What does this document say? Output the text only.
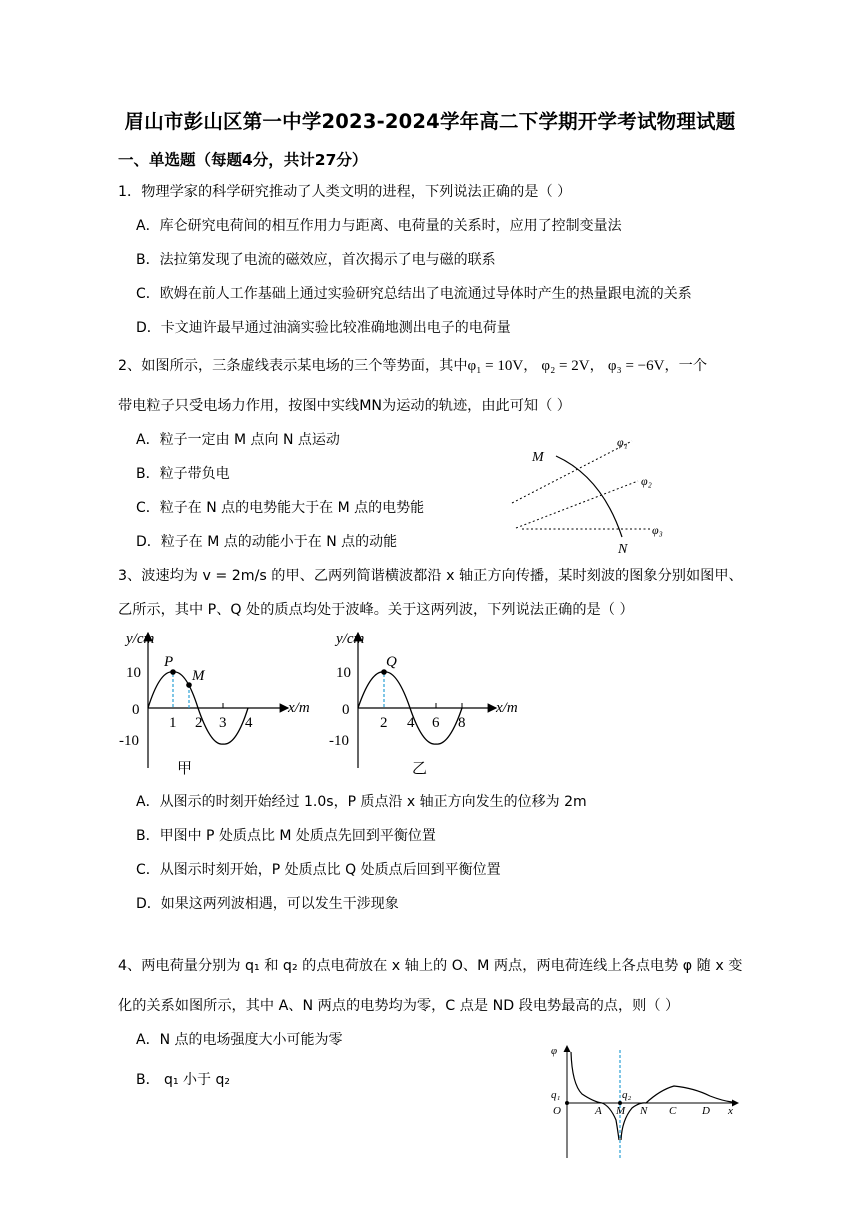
眉山市彭山区第一中学2023-2024学年高二下学期开学考试物理试题
一、单选题（每题4分，共计27分）
1．物理学家的科学研究推动了人类文明的进程，下列说法正确的是（ ）
A．库仑研究电荷间的相互作用力与距离、电荷量的关系时，应用了控制变量法
B．法拉第发现了电流的磁效应，首次揭示了电与磁的联系
C．欧姆在前人工作基础上通过实验研究总结出了电流通过导体时产生的热量跟电流的关系
D．卡文迪许最早通过油滴实验比较准确地测出电子的电荷量
2、如图所示，三条虚线表示某电场的三个等势面，其中φ₁ = 10V， φ₂ = 2V， φ₃ = −6V，一个
带电粒子只受电场力作用，按图中实线MN为运动的轨迹，由此可知（ ）
A．粒子一定由 M 点向 N 点运动
B．粒子带负电
C．粒子在 N 点的电势能大于在 M 点的电势能
D．粒子在 M 点的动能小于在 N 点的动能
M
N
φ₁
φ₂
φ₃
3、波速均为 v = 2m/s 的甲、乙两列简谐横波都沿 x 轴正方向传播，某时刻波的图象分别如图甲、
乙所示，其中 P、Q 处的质点均处于波峰。关于这两列波，下列说法正确的是（ ）
y/cm
x/m
10
0
-10
1 2 3 4
P
M
甲
y/cm
x/m
10
0
-10
2 4 6 8
Q
乙
A．从图示的时刻开始经过 1.0s，P 质点沿 x 轴正方向发生的位移为 2m
B．甲图中 P 处质点比 M 处质点先回到平衡位置
C．从图示时刻开始，P 处质点比 Q 处质点后回到平衡位置
D．如果这两列波相遇，可以发生干涉现象
4、两电荷量分别为 q₁ 和 q₂ 的点电荷放在 x 轴上的 O、M 两点，两电荷连线上各点电势 φ 随 x 变
化的关系如图所示，其中 A、N 两点的电势均为零，C 点是 ND 段电势最高的点，则（ ）
A．N 点的电场强度大小可能为零
B． q₁ 小于 q₂
φ
q₁	q₂
O	A M N C D x
